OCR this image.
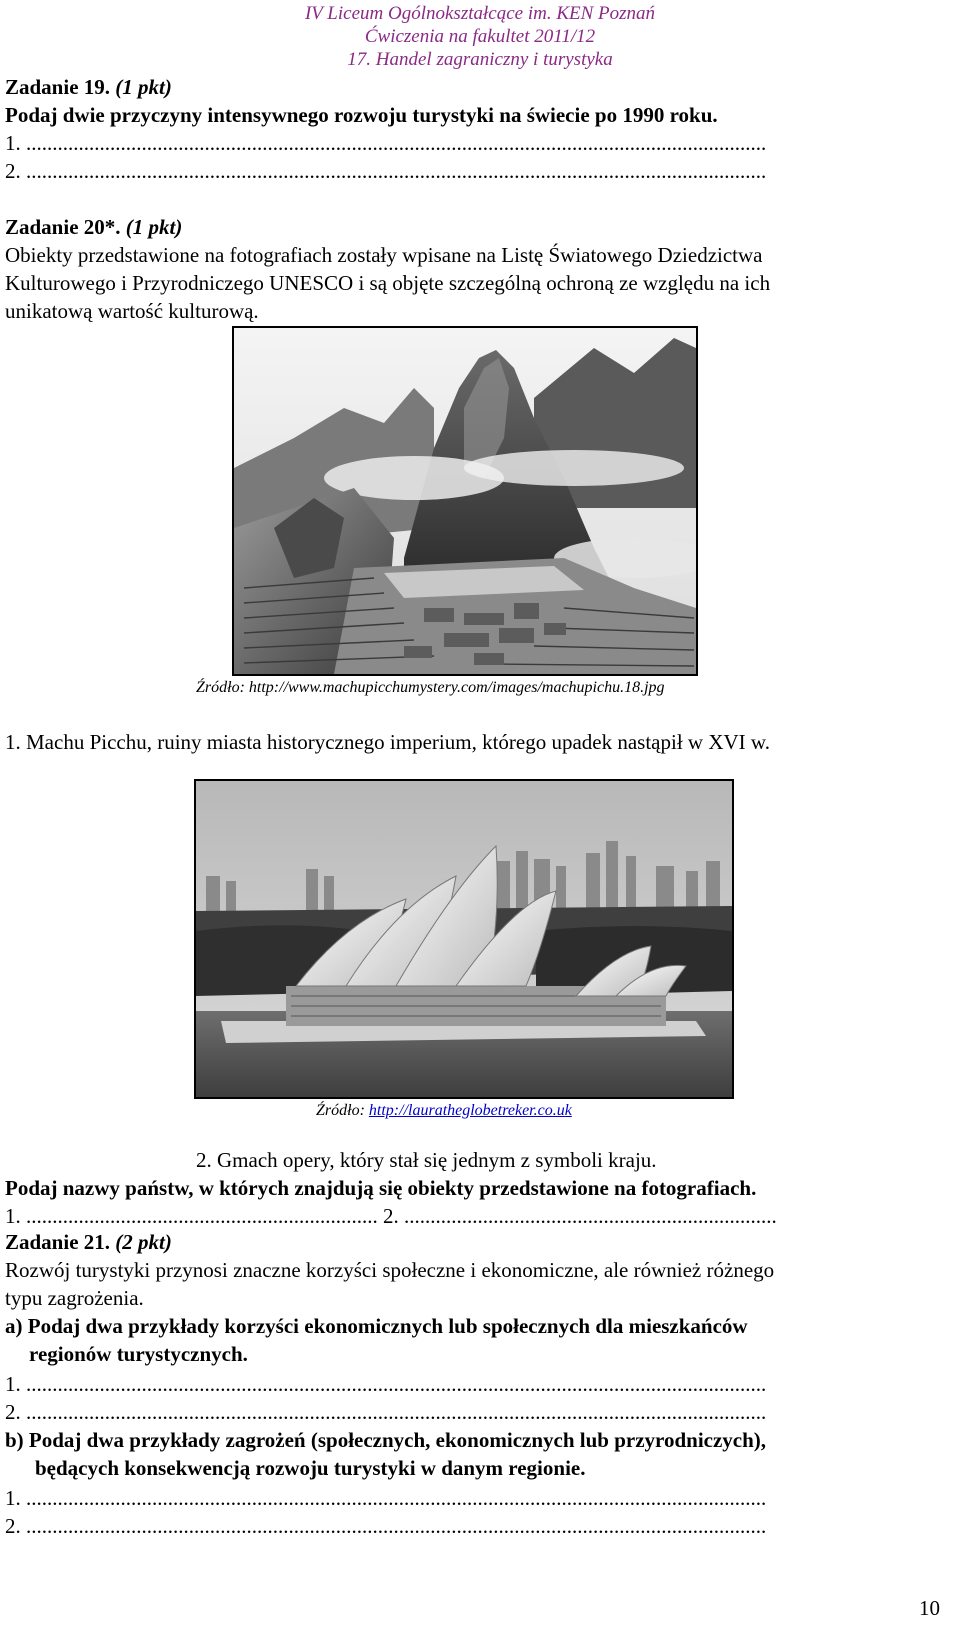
IV Liceum Ogólnokształcące im. KEN Poznań
Ćwiczenia na fakultet 2011/12
17. Handel zagraniczny i turystyka
Zadanie 19. (1 pkt)
Podaj dwie przyczyny intensywnego rozwoju turystyki na świecie po 1990 roku.
1. .............................................................................................................................................
2. .............................................................................................................................................
Zadanie 20*. (1 pkt)
Obiekty przedstawione na fotografiach zostały wpisane na Listę Światowego Dziedzictwa
Kulturowego i Przyrodniczego UNESCO i są objęte szczególną ochroną ze względu na ich
unikatową wartość kulturową.
Źródło: http://www.machupicchumystery.com/images/machupichu.18.jpg
1. Machu Picchu, ruiny miasta historycznego imperium, którego upadek nastąpił w XVI w.
Źródło: http://lauratheglobetreker.co.uk
2. Gmach opery, który stał się jednym z symboli kraju.
Podaj nazwy państw, w których znajdują się obiekty przedstawione na fotografiach.
1. ................................................................... 2. .......................................................................
Zadanie 21. (2 pkt)
Rozwój turystyki przynosi znaczne korzyści społeczne i ekonomiczne, ale również różnego
typu zagrożenia.
a) Podaj dwa przykłady korzyści ekonomicznych lub społecznych dla mieszkańców
regionów turystycznych.
1. .............................................................................................................................................
2. .............................................................................................................................................
b) Podaj dwa przykłady zagrożeń (społecznych, ekonomicznych lub przyrodniczych),
będących konsekwencją rozwoju turystyki w danym regionie.
1. .............................................................................................................................................
2. .............................................................................................................................................
10
